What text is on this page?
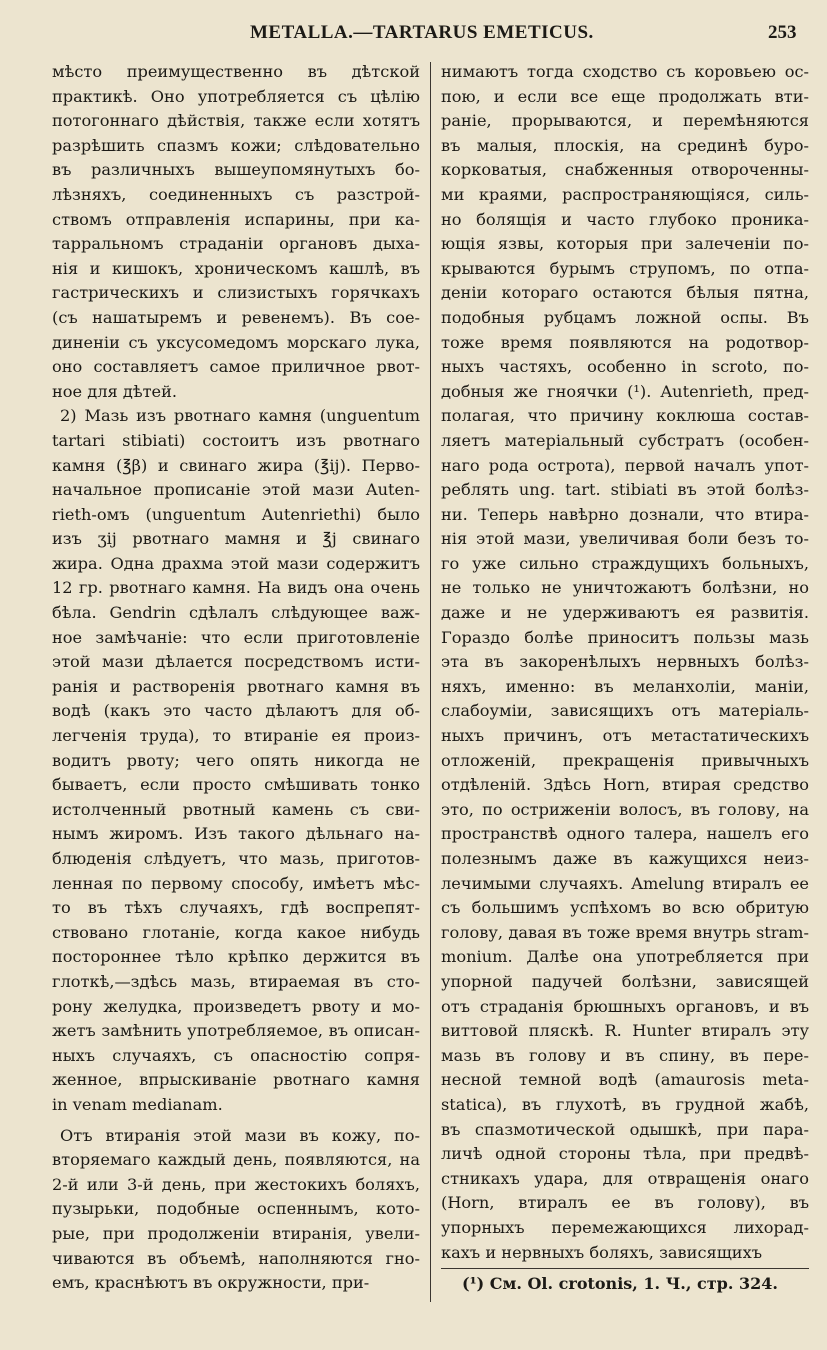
METALLA.—TARTARUS EMETICUS.	253
мѣсто преимущественно въ дѣтской
практикѣ. Оно употребляется съ цѣлію
потогоннаго дѣйствія, также если хотятъ
разрѣшить спазмъ кожи; слѣдовательно
въ различныхъ вышеупомянутыхъ бо-
лѣзняхъ, соединенныхъ съ разстрой-
ствомъ отправленія испарины, при ка-
тарральномъ страданіи органовъ дыха-
нія и кишокъ, хроническомъ кашлѣ, въ
гастрическихъ и слизистыхъ горячкахъ
(съ нашатыремъ и ревенемъ). Въ сое-
диненіи съ уксусомедомъ морскаго лука,
оно составляетъ самое приличное рвот-
ное для дѣтей.
2) Мазь изъ рвотнаго камня (unguentum
tartari stibiati) состоитъ изъ рвотнаго
камня (℥β) и свинаго жира (℥ij). Перво-
начальное прописаніе этой мази Auten-
rieth-омъ (unguentum Autenriethi) было
изъ ʒij рвотнаго мамня и ℥j свинаго
жира. Одна драхма этой мази содержитъ
12 гр. рвотнаго камня. На видъ она очень
бѣла. Gendrin сдѣлалъ слѣдующее важ-
ное замѣчаніе: что если приготовленіе
этой мази дѣлается посредствомъ исти-
ранія и растворенія рвотнаго камня въ
водѣ (какъ это часто дѣлаютъ для об-
легченія труда), то втираніе ея произ-
водитъ рвоту; чего опять никогда не
бываетъ, если просто смѣшивать тонко
истолченный рвотный камень съ сви-
нымъ жиромъ. Изъ такого дѣльнаго на-
блюденія слѣдуетъ, что мазь, приготов-
ленная по первому способу, имѣетъ мѣс-
то въ тѣхъ случаяхъ, гдѣ воспрепят-
ствовано глотаніе, когда какое нибудь
постороннее тѣло крѣпко держится въ
глоткѣ,—здѣсь мазь, втираемая въ сто-
рону желудка, произведетъ рвоту и мо-
жетъ замѣнить употребляемое, въ описан-
ныхъ случаяхъ, съ опасностію сопря-
женное, впрыскиваніе рвотнаго камня
in venam medianam.
Отъ втиранія этой мази въ кожу, по-
вторяемаго каждый день, появляются, на
2-й или 3-й день, при жестокихъ боляхъ,
пузырьки, подобные оспеннымъ, кото-
рые, при продолженіи втиранія, увели-
чиваются въ объемѣ, наполняются гно-
емъ, краснѣютъ въ окружности, при-
нимаютъ тогда сходство съ коровьею ос-
пою, и если все еще продолжать вти-
раніе, прорываются, и перемѣняются
въ малыя, плоскія, на срединѣ буро-
корковатыя, снабженныя отвороченны-
ми краями, распространяющіяся, силь-
но болящія и часто глубоко проника-
ющія язвы, которыя при залеченіи по-
крываются бурымъ струпомъ, по отпа-
деніи котораго остаются бѣлыя пятна,
подобныя рубцамъ ложной оспы. Въ
тоже время появляются на родотвор-
ныхъ частяхъ, особенно in scroto, по-
добныя же гноячки (¹). Autenrieth, пред-
полагая, что причину коклюша состав-
ляетъ матеріальный субстратъ (особен-
наго рода острота), первой началъ упот-
реблять ung. tart. stibiati въ этой болѣз-
ни. Теперь навѣрно дознали, что втира-
нія этой мази, увеличивая боли безъ то-
го уже сильно страждущихъ больныхъ,
не только не уничтожаютъ болѣзни, но
даже и не удерживаютъ ея развитія.
Гораздо болѣе приноситъ пользы мазь
эта въ закоренѣлыхъ нервныхъ болѣз-
няхъ, именно: въ меланхоліи, маніи,
слабоуміи, зависящихъ отъ матеріаль-
ныхъ причинъ, отъ метастатическихъ
отложеній, прекращенія привычныхъ
отдѣленій. Здѣсь Horn, втирая средство
это, по остриженіи волосъ, въ голову, на
пространствѣ одного талера, нашелъ его
полезнымъ даже въ кажущихся неиз-
лечимыми случаяхъ. Amelung втиралъ ее
съ большимъ успѣхомъ во всю обритую
голову, давая въ тоже время внутрь stram-
monium. Далѣе она употребляется при
упорной падучей болѣзни, зависящей
отъ страданія брюшныхъ органовъ, и въ
виттовой пляскѣ. R. Hunter втиралъ эту
мазь въ голову и въ спину, въ пере-
несной темной водѣ (amaurosis meta-
statica), въ глухотѣ, въ грудной жабѣ,
въ спазмотической одышкѣ, при пара-
личѣ одной стороны тѣла, при предвѣ-
стникахъ удара, для отвращенія онаго
(Horn, втиралъ ее въ голову), въ
упорныхъ перемежающихся лихорад-
кахъ и нервныхъ боляхъ, зависящихъ
(¹) См. Ol. crotonis, 1. Ч., стр. 324.
